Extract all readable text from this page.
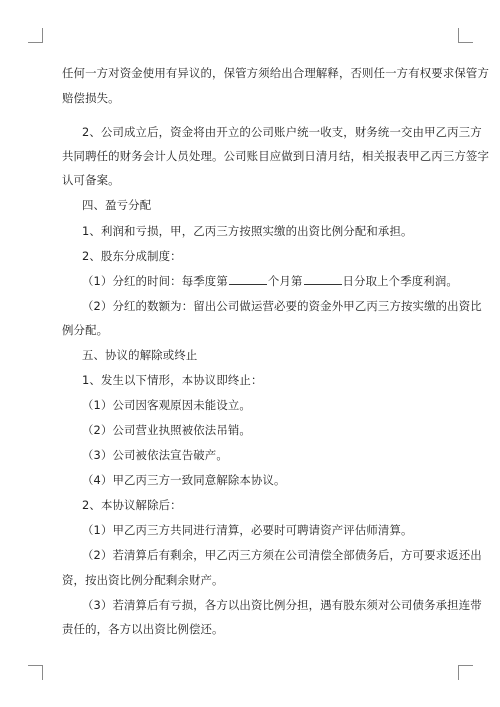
任何一方对资金使用有异议的，保管方须给出合理解释，否则任一方有权要求保管方
赔偿损失。
2、公司成立后，资金将由开立的公司账户统一收支，财务统一交由甲乙丙三方
共同聘任的财务会计人员处理。公司账目应做到日清月结，相关报表甲乙丙三方签字
认可备案。
四、盈亏分配
1、利润和亏损，甲，乙丙三方按照实缴的出资比例分配和承担。
2、股东分成制度：
（1）分红的时间：每季度第	个月第	日分取上个季度利润。
（2）分红的数额为：留出公司做运营必要的资金外甲乙丙三方按实缴的出资比
例分配。
五、协议的解除或终止
1、发生以下情形，本协议即终止：
（1）公司因客观原因未能设立。
（2）公司营业执照被依法吊销。
（3）公司被依法宣告破产。
（4）甲乙丙三方一致同意解除本协议。
2、本协议解除后：
（1）甲乙丙三方共同进行清算，必要时可聘请资产评估师清算。
（2）若清算后有剩余，甲乙丙三方须在公司清偿全部债务后，方可要求返还出
资，按出资比例分配剩余财产。
（3）若清算后有亏损，各方以出资比例分担，遇有股东须对公司债务承担连带
责任的，各方以出资比例偿还。
